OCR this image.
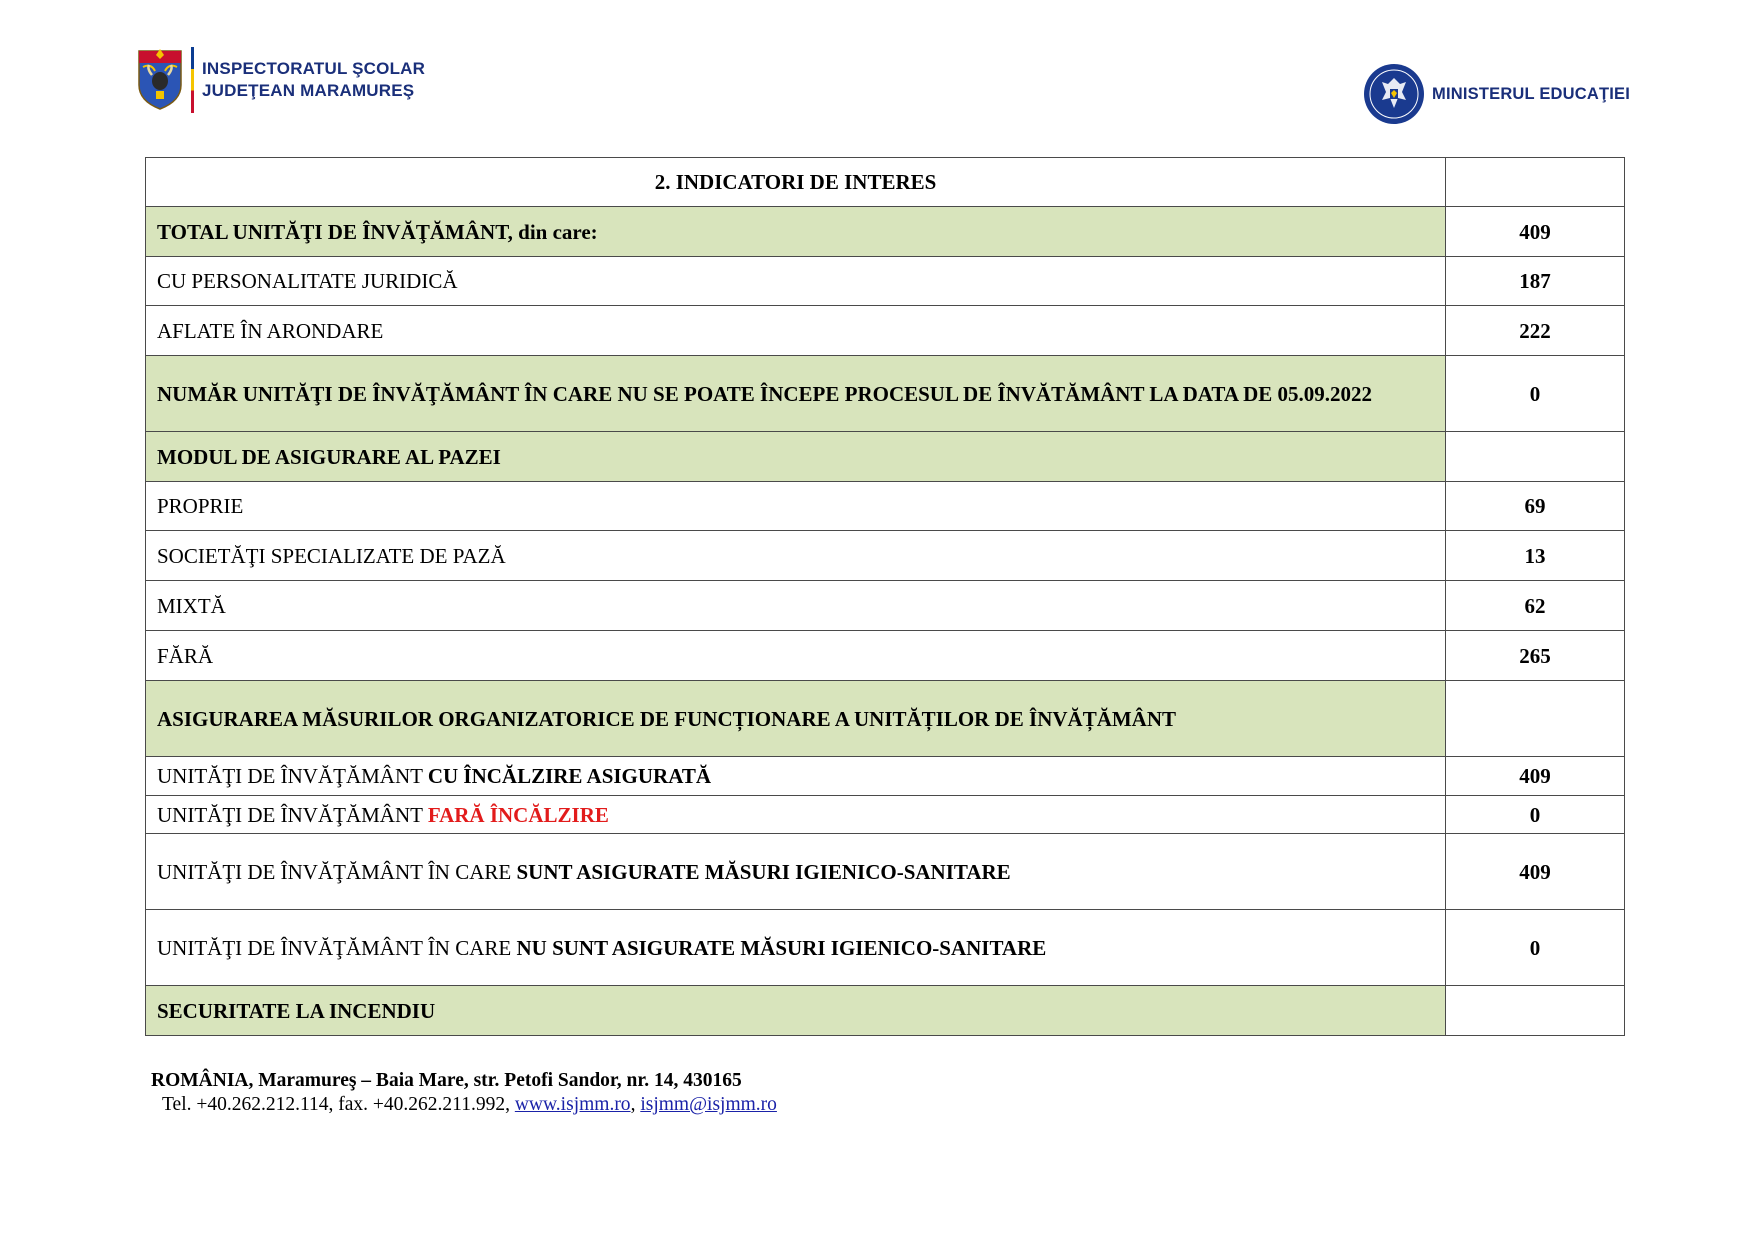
INSPECTORATUL ŞCOLAR
JUDEŢEAN MARAMUREŞ	MINISTERUL EDUCAŢIEI
2. INDICATORI DE INTERES	
TOTAL UNITĂŢI DE ÎNVĂŢĂMÂNT, din care:	409
CU PERSONALITATE JURIDICĂ	187
AFLATE ÎN ARONDARE	222
NUMĂR UNITĂŢI DE ÎNVĂŢĂMÂNT ÎN CARE NU SE POATE ÎNCEPE PROCESUL DE ÎNVĂTĂMÂNT LA DATA DE 05.09.2022	0
MODUL DE ASIGURARE AL PAZEI	
PROPRIE	69
SOCIETĂŢI SPECIALIZATE DE PAZĂ	13
MIXTĂ	62
FĂRĂ	265
ASIGURAREA MĂSURILOR ORGANIZATORICE DE FUNCȚIONARE A UNITĂȚILOR DE ÎNVĂȚĂMÂNT	
UNITĂŢI DE ÎNVĂŢĂMÂNT CU ÎNCĂLZIRE ASIGURATĂ	409
UNITĂŢI DE ÎNVĂŢĂMÂNT FARĂ ÎNCĂLZIRE	0
UNITĂŢI DE ÎNVĂŢĂMÂNT ÎN CARE SUNT ASIGURATE MĂSURI IGIENICO-SANITARE	409
UNITĂŢI DE ÎNVĂŢĂMÂNT ÎN CARE NU SUNT ASIGURATE MĂSURI IGIENICO-SANITARE	0
SECURITATE LA INCENDIU	
ROMÂNIA, Maramureş – Baia Mare, str. Petofi Sandor, nr. 14, 430165
Tel. +40.262.212.114, fax. +40.262.211.992, www.isjmm.ro, isjmm@isjmm.ro
